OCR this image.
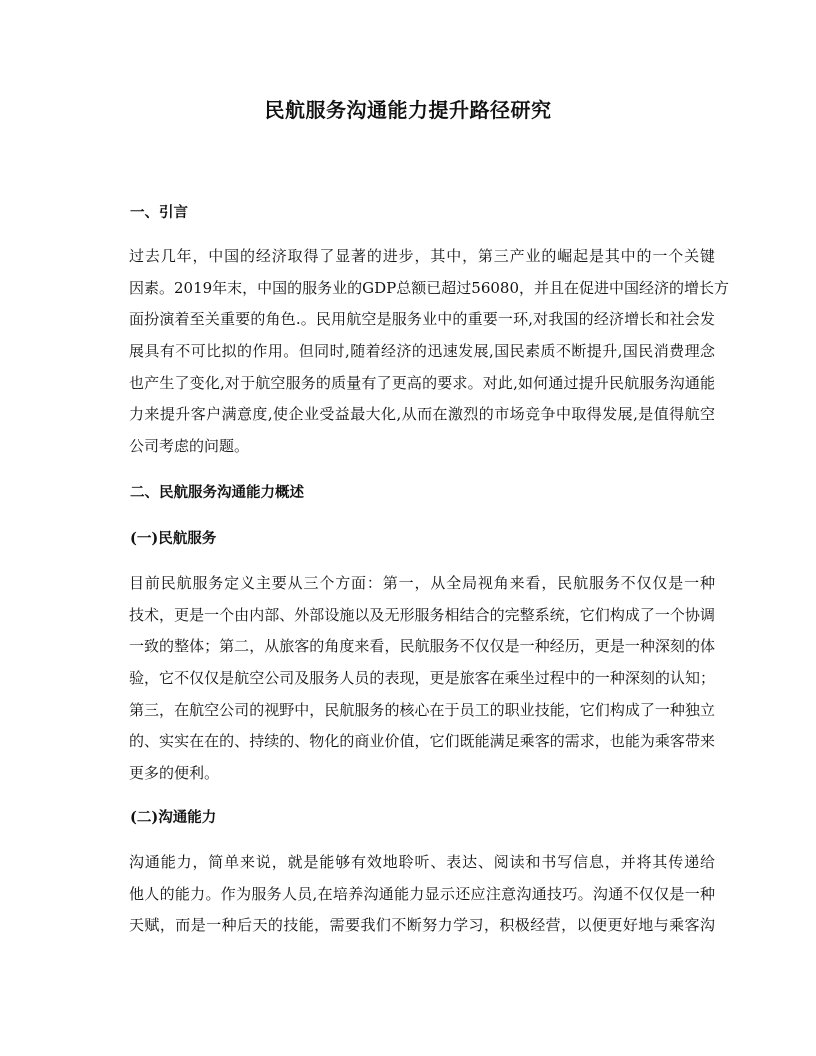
民航服务沟通能力提升路径研究
一、引言
过去几年，中国的经济取得了显著的进步，其中，第三产业的崛起是其中的一个关键
因素。2019年末，中国的服务业的GDP总额已超过56080，并且在促进中国经济的增长方
面扮演着至关重要的角色.。民用航空是服务业中的重要一环,对我国的经济增长和社会发
展具有不可比拟的作用。但同时,随着经济的迅速发展,国民素质不断提升,国民消费理念
也产生了变化,对于航空服务的质量有了更高的要求。对此,如何通过提升民航服务沟通能
力来提升客户满意度,使企业受益最大化,从而在激烈的市场竞争中取得发展,是值得航空
公司考虑的问题。
二、民航服务沟通能力概述
(一)民航服务
目前民航服务定义主要从三个方面：第一，从全局视角来看，民航服务不仅仅是一种
技术，更是一个由内部、外部设施以及无形服务相结合的完整系统，它们构成了一个协调
一致的整体；第二，从旅客的角度来看，民航服务不仅仅是一种经历，更是一种深刻的体
验，它不仅仅是航空公司及服务人员的表现，更是旅客在乘坐过程中的一种深刻的认知；
第三，在航空公司的视野中，民航服务的核心在于员工的职业技能，它们构成了一种独立
的、实实在在的、持续的、物化的商业价值，它们既能满足乘客的需求，也能为乘客带来
更多的便利。
(二)沟通能力
沟通能力，简单来说，就是能够有效地聆听、表达、阅读和书写信息，并将其传递给
他人的能力。作为服务人员,在培养沟通能力显示还应注意沟通技巧。沟通不仅仅是一种
天赋，而是一种后天的技能，需要我们不断努力学习，积极经营，以便更好地与乘客沟
